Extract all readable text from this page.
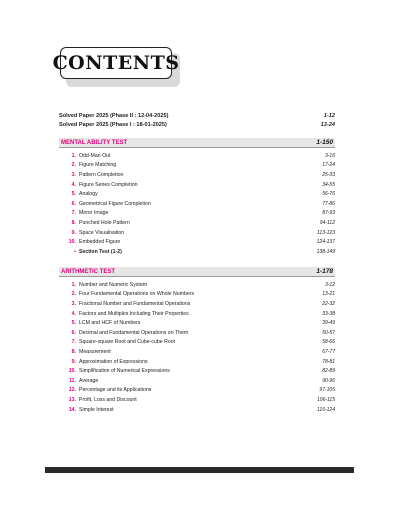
CONTENTS
Solved Paper 2025 (Phase II : 12-04-2025)	1-12
Solved Paper 2025 (Phase I : 18-01-2025)	13-24
MENTAL ABILITY TEST	1-150
1. Odd-Man Out	3-16
2. Figure Matching	17-24
3. Pattern Completion	25-33
4. Figure Series Completion	34-55
5. Analogy	56-76
6. Geometrical Figure Completion	77-86
7. Mirror Image	87-93
8. Punched Hole Pattern	94-112
9. Space Visualisation	113-123
10. Embedded Figure	124-137
• Section Test (1-2)	138-149
ARITHMETIC TEST	1-178
1. Number and Numeric System	3-12
2. Four Fundamental Operations on Whole Numbers	13-21
3. Fractional Number and Fundamental Operations	22-32
4. Factors and Multiples Including Their Properties	33-38
5. LCM and HCF of Numbers	39-49
6. Decimal and Fundamental Operations on Them	50-57
7. Square-square Root and Cube-cube Root	58-66
8. Measurement	67-77
9. Approximation of Expressions	78-81
10. Simplification of Numerical Expressions	82-89
11. Average	90-96
12. Percentage and its Applications	97-105
13. Profit, Loss and Discount	106-115
14. Simple Interest	116-124
